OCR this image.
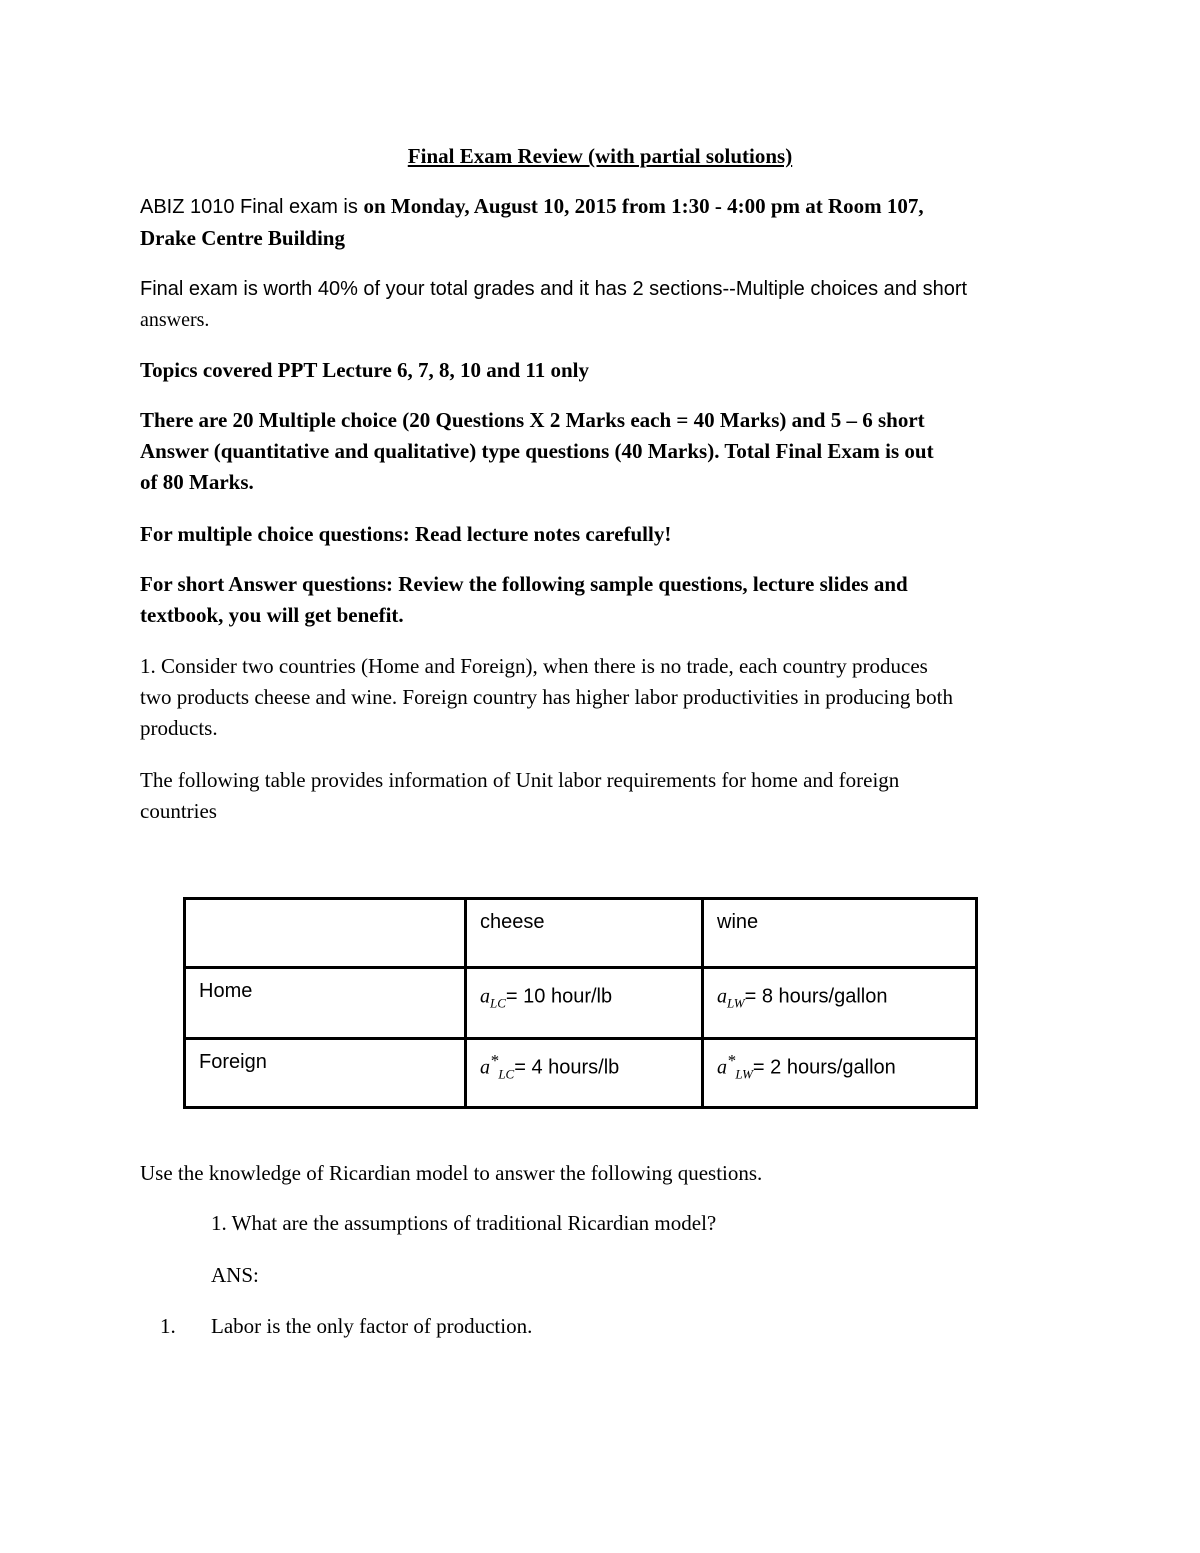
Final Exam Review (with partial solutions)

ABIZ 1010 Final exam is on Monday, August 10, 2015 from 1:30 - 4:00 pm at Room 107,
Drake Centre Building

Final exam is worth 40% of your total grades and it has 2 sections--Multiple choices and short
answers.

Topics covered PPT Lecture 6, 7, 8, 10 and 11 only

There are 20 Multiple choice (20 Questions X 2 Marks each = 40 Marks) and 5 – 6 short
Answer (quantitative and qualitative) type questions (40 Marks). Total Final Exam is out
of 80 Marks.

For multiple choice questions: Read lecture notes carefully!

For short Answer questions: Review the following sample questions, lecture slides and
textbook, you will get benefit.

1. Consider two countries (Home and Foreign), when there is no trade, each country produces
two products cheese and wine. Foreign country has higher labor productivities in producing both
products.

The following table provides information of Unit labor requirements for home and foreign
countries

	cheese	wine
Home	$a_{LC}= 10$ hour/lb	$a_{LW}= 8$ hours/gallon
Foreign	$a^*_{LC}= 4$ hours/lb	$a^*_{LW}= 2$ hours/gallon

Use the knowledge of Ricardian model to answer the following questions.

1. What are the assumptions of traditional Ricardian model?

ANS:

1.	Labor is the only factor of production.
